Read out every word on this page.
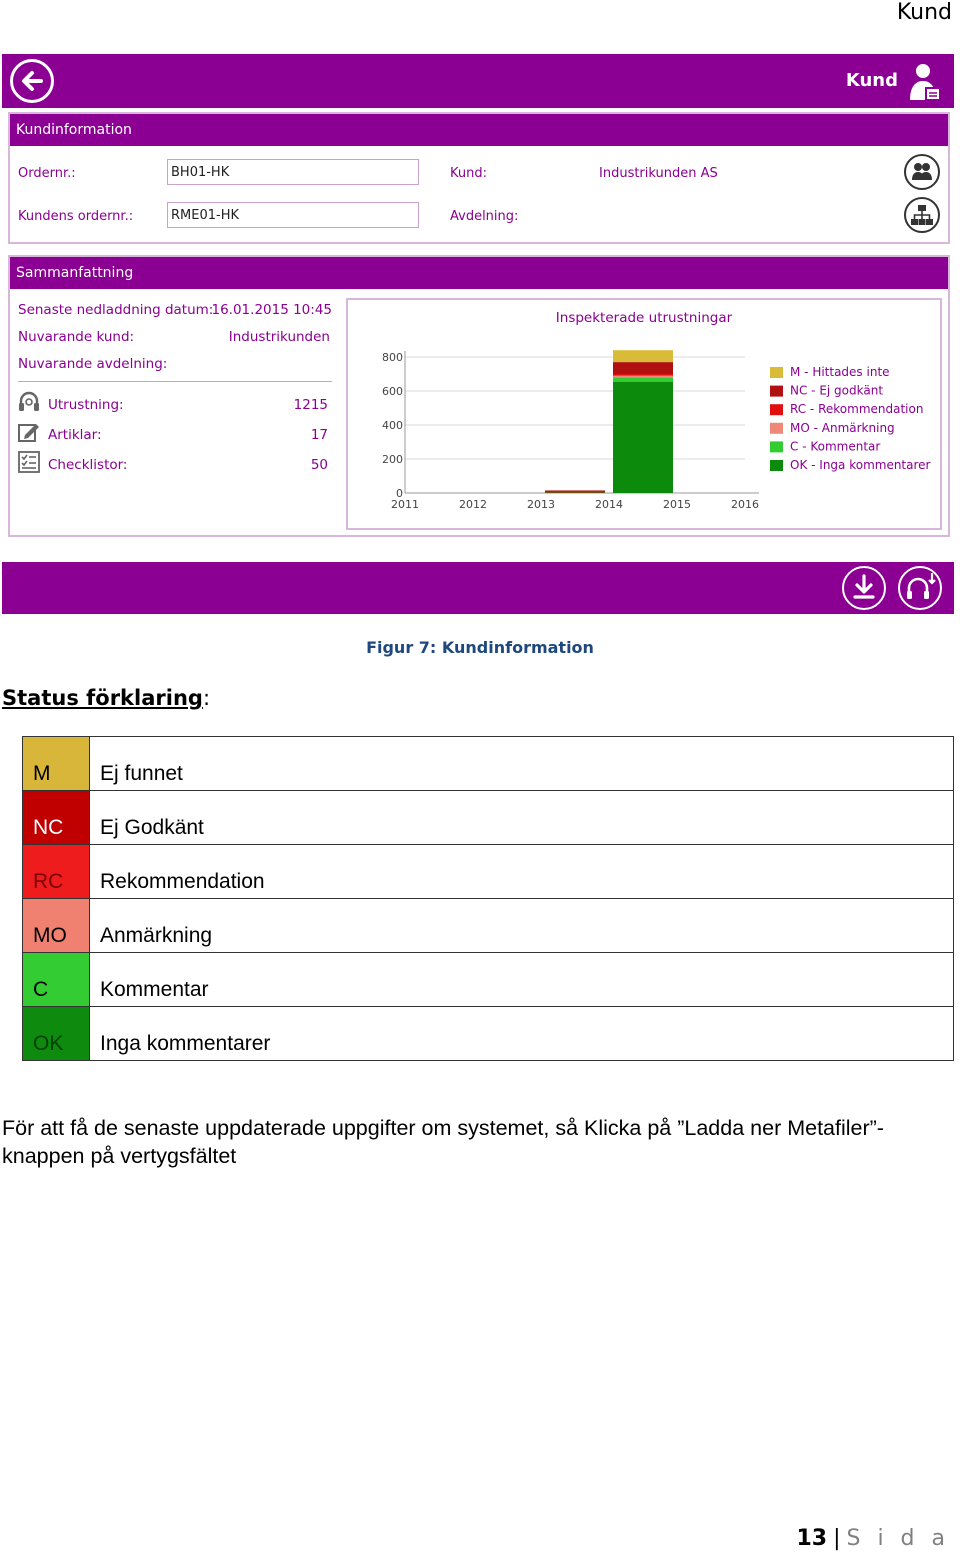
Kund
Kund
Kundinformation
Ordernr.:	BH01-HK
Kundens ordernr.:	RME01-HK
Kund:	Industrikunden AS
Avdelning:
Sammanfattning
Senaste nedladdning datum:
16.01.2015 10:45
Nuvarande kund:	Industrikunden
Nuvarande avdelning:
Utrustning:	1215
Artiklar:	17
Checklistor:	50
Inspekterade utrustningar
0
200
400
600
800
2011	2012	2013	2014	2015	2016
M - Hittades inte
NC - Ej godkänt
RC - Rekommendation
MO - Anmärkning
C - Kommentar
OK - Inga kommentarer
Figur 7: Kundinformation
Status förklaring:
M	Ej funnet
NC	Ej Godkänt
RC	Rekommendation
MO	Anmärkning
C	Kommentar
OK	Inga kommentarer
För att få de senaste uppdaterade uppgifter om systemet, så Klicka på ”Ladda ner Metafiler”-knappen på vertygsfältet
13 | S i d a
